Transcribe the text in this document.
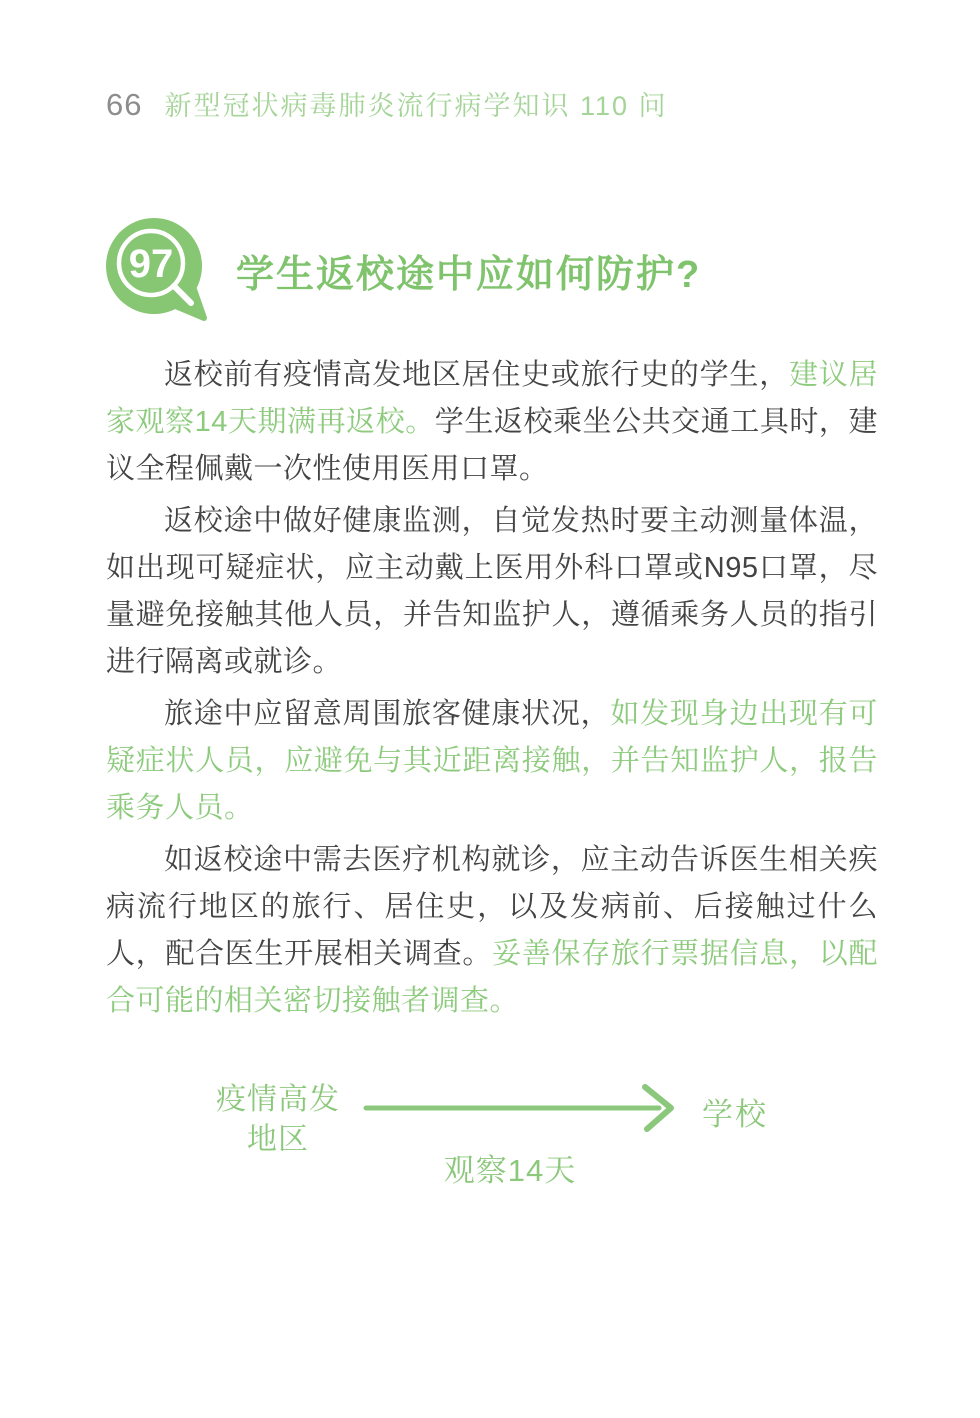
66 新型冠状病毒肺炎流行病学知识 110 问
97 学生返校途中应如何防护?

返校前有疫情高发地区居住史或旅行史的学生，建议居家观察14天期满再返校。学生返校乘坐公共交通工具时，建议全程佩戴一次性使用医用口罩。

返校途中做好健康监测，自觉发热时要主动测量体温，如出现可疑症状，应主动戴上医用外科口罩或N95口罩，尽量避免接触其他人员，并告知监护人，遵循乘务人员的指引进行隔离或就诊。

旅途中应留意周围旅客健康状况，如发现身边出现有可疑症状人员，应避免与其近距离接触，并告知监护人，报告乘务人员。

如返校途中需去医疗机构就诊，应主动告诉医生相关疾病流行地区的旅行、居住史，以及发病前、后接触过什么人，配合医生开展相关调查。妥善保存旅行票据信息，以配合可能的相关密切接触者调查。

疫情高发
地区
学校
观察14天
